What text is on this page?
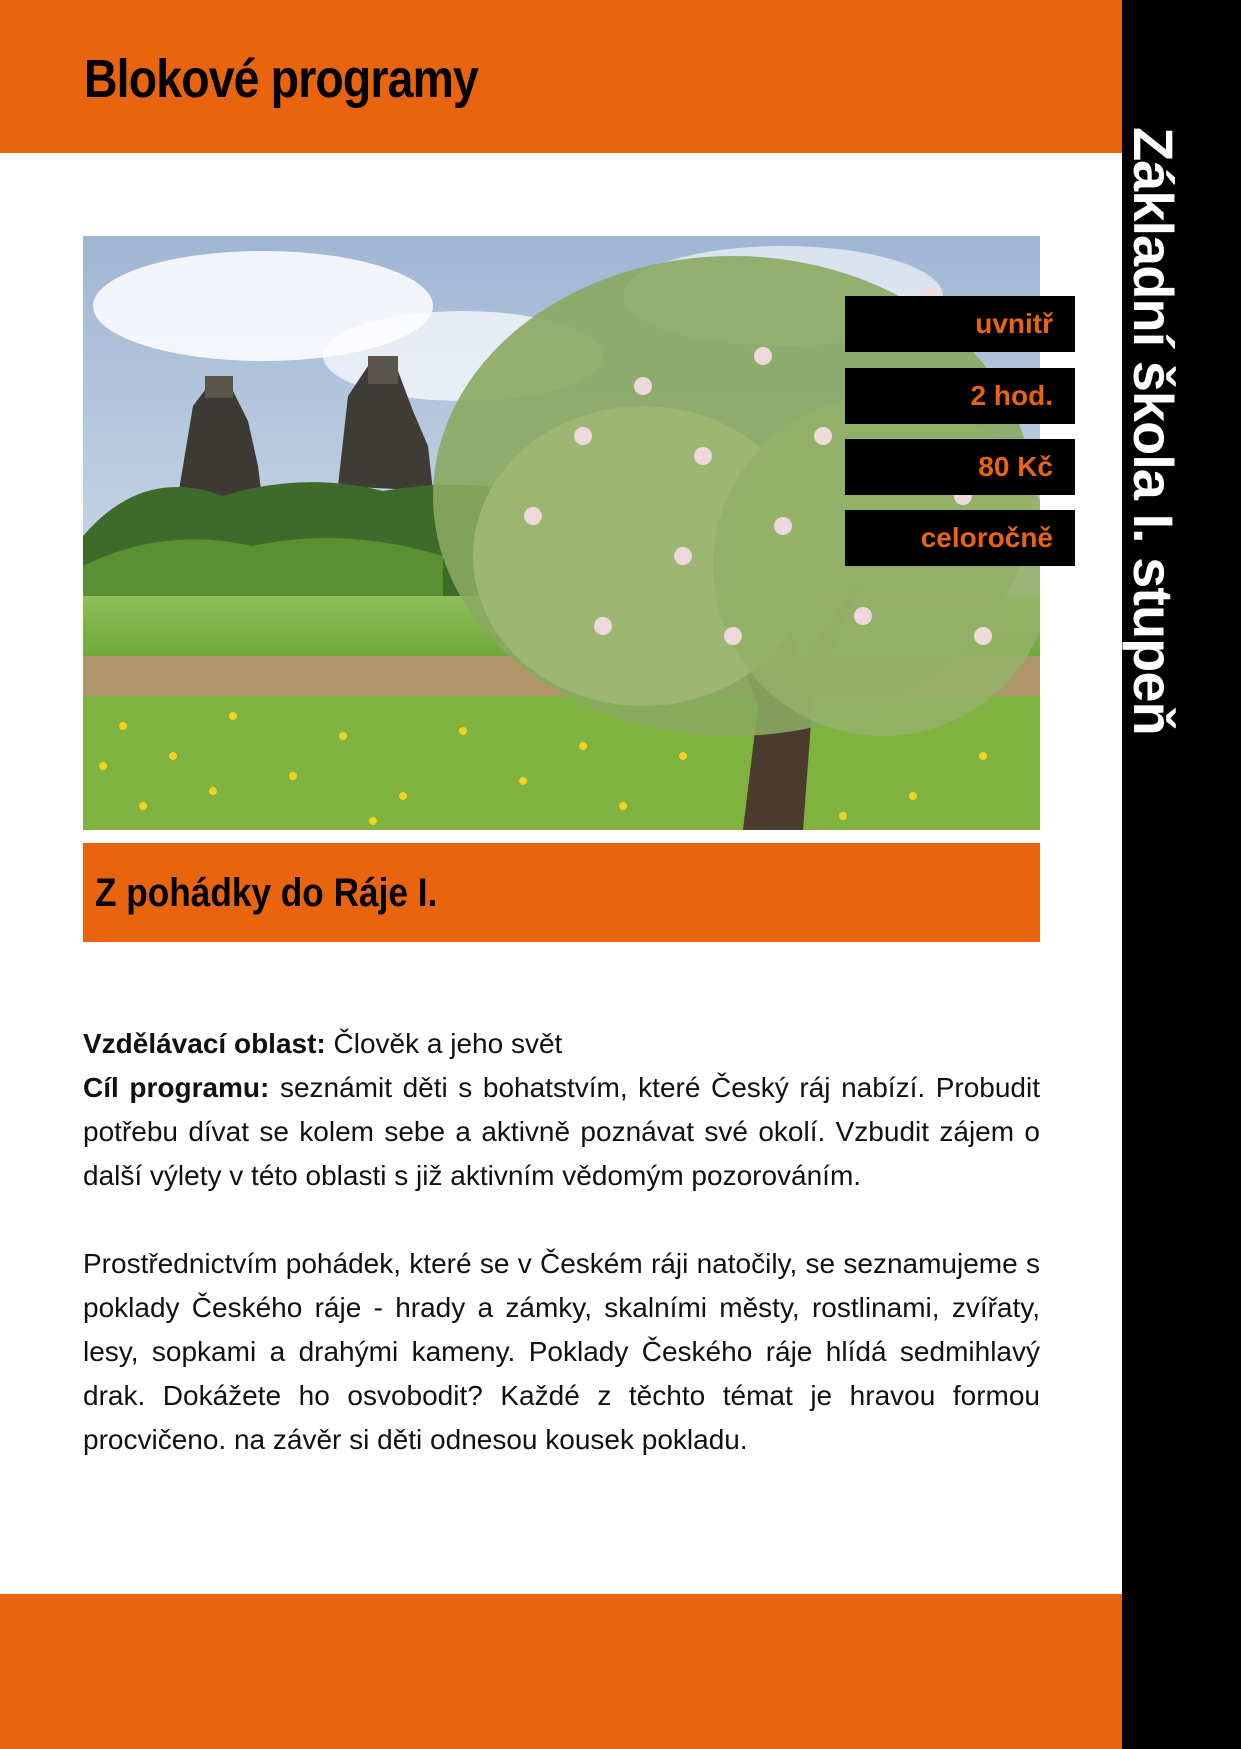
Blokové programy
Základní škola I. stupeň
uvnitř
2 hod.
80 Kč
celoročně
Z pohádky do Ráje I.

Vzdělávací oblast: Člověk a jeho svět

Cíl programu: seznámit děti s bohatstvím, které Český ráj nabízí. Probudit potřebu dívat se kolem sebe a aktivně poznávat své okolí. Vzbudit zájem o další výlety v této oblasti s již aktivním vědomým pozorováním.

Prostřednictvím pohádek, které se v Českém ráji natočily, se seznamujeme s poklady Českého ráje - hrady a zámky, skalními městy, rostlinami, zvířaty, lesy, sopkami a drahými kameny. Poklady Českého ráje hlídá sedmihlavý drak. Dokážete ho osvobodit? Každé z těchto témat je hravou formou procvičeno. na závěr si děti odnesou kousek pokladu.
